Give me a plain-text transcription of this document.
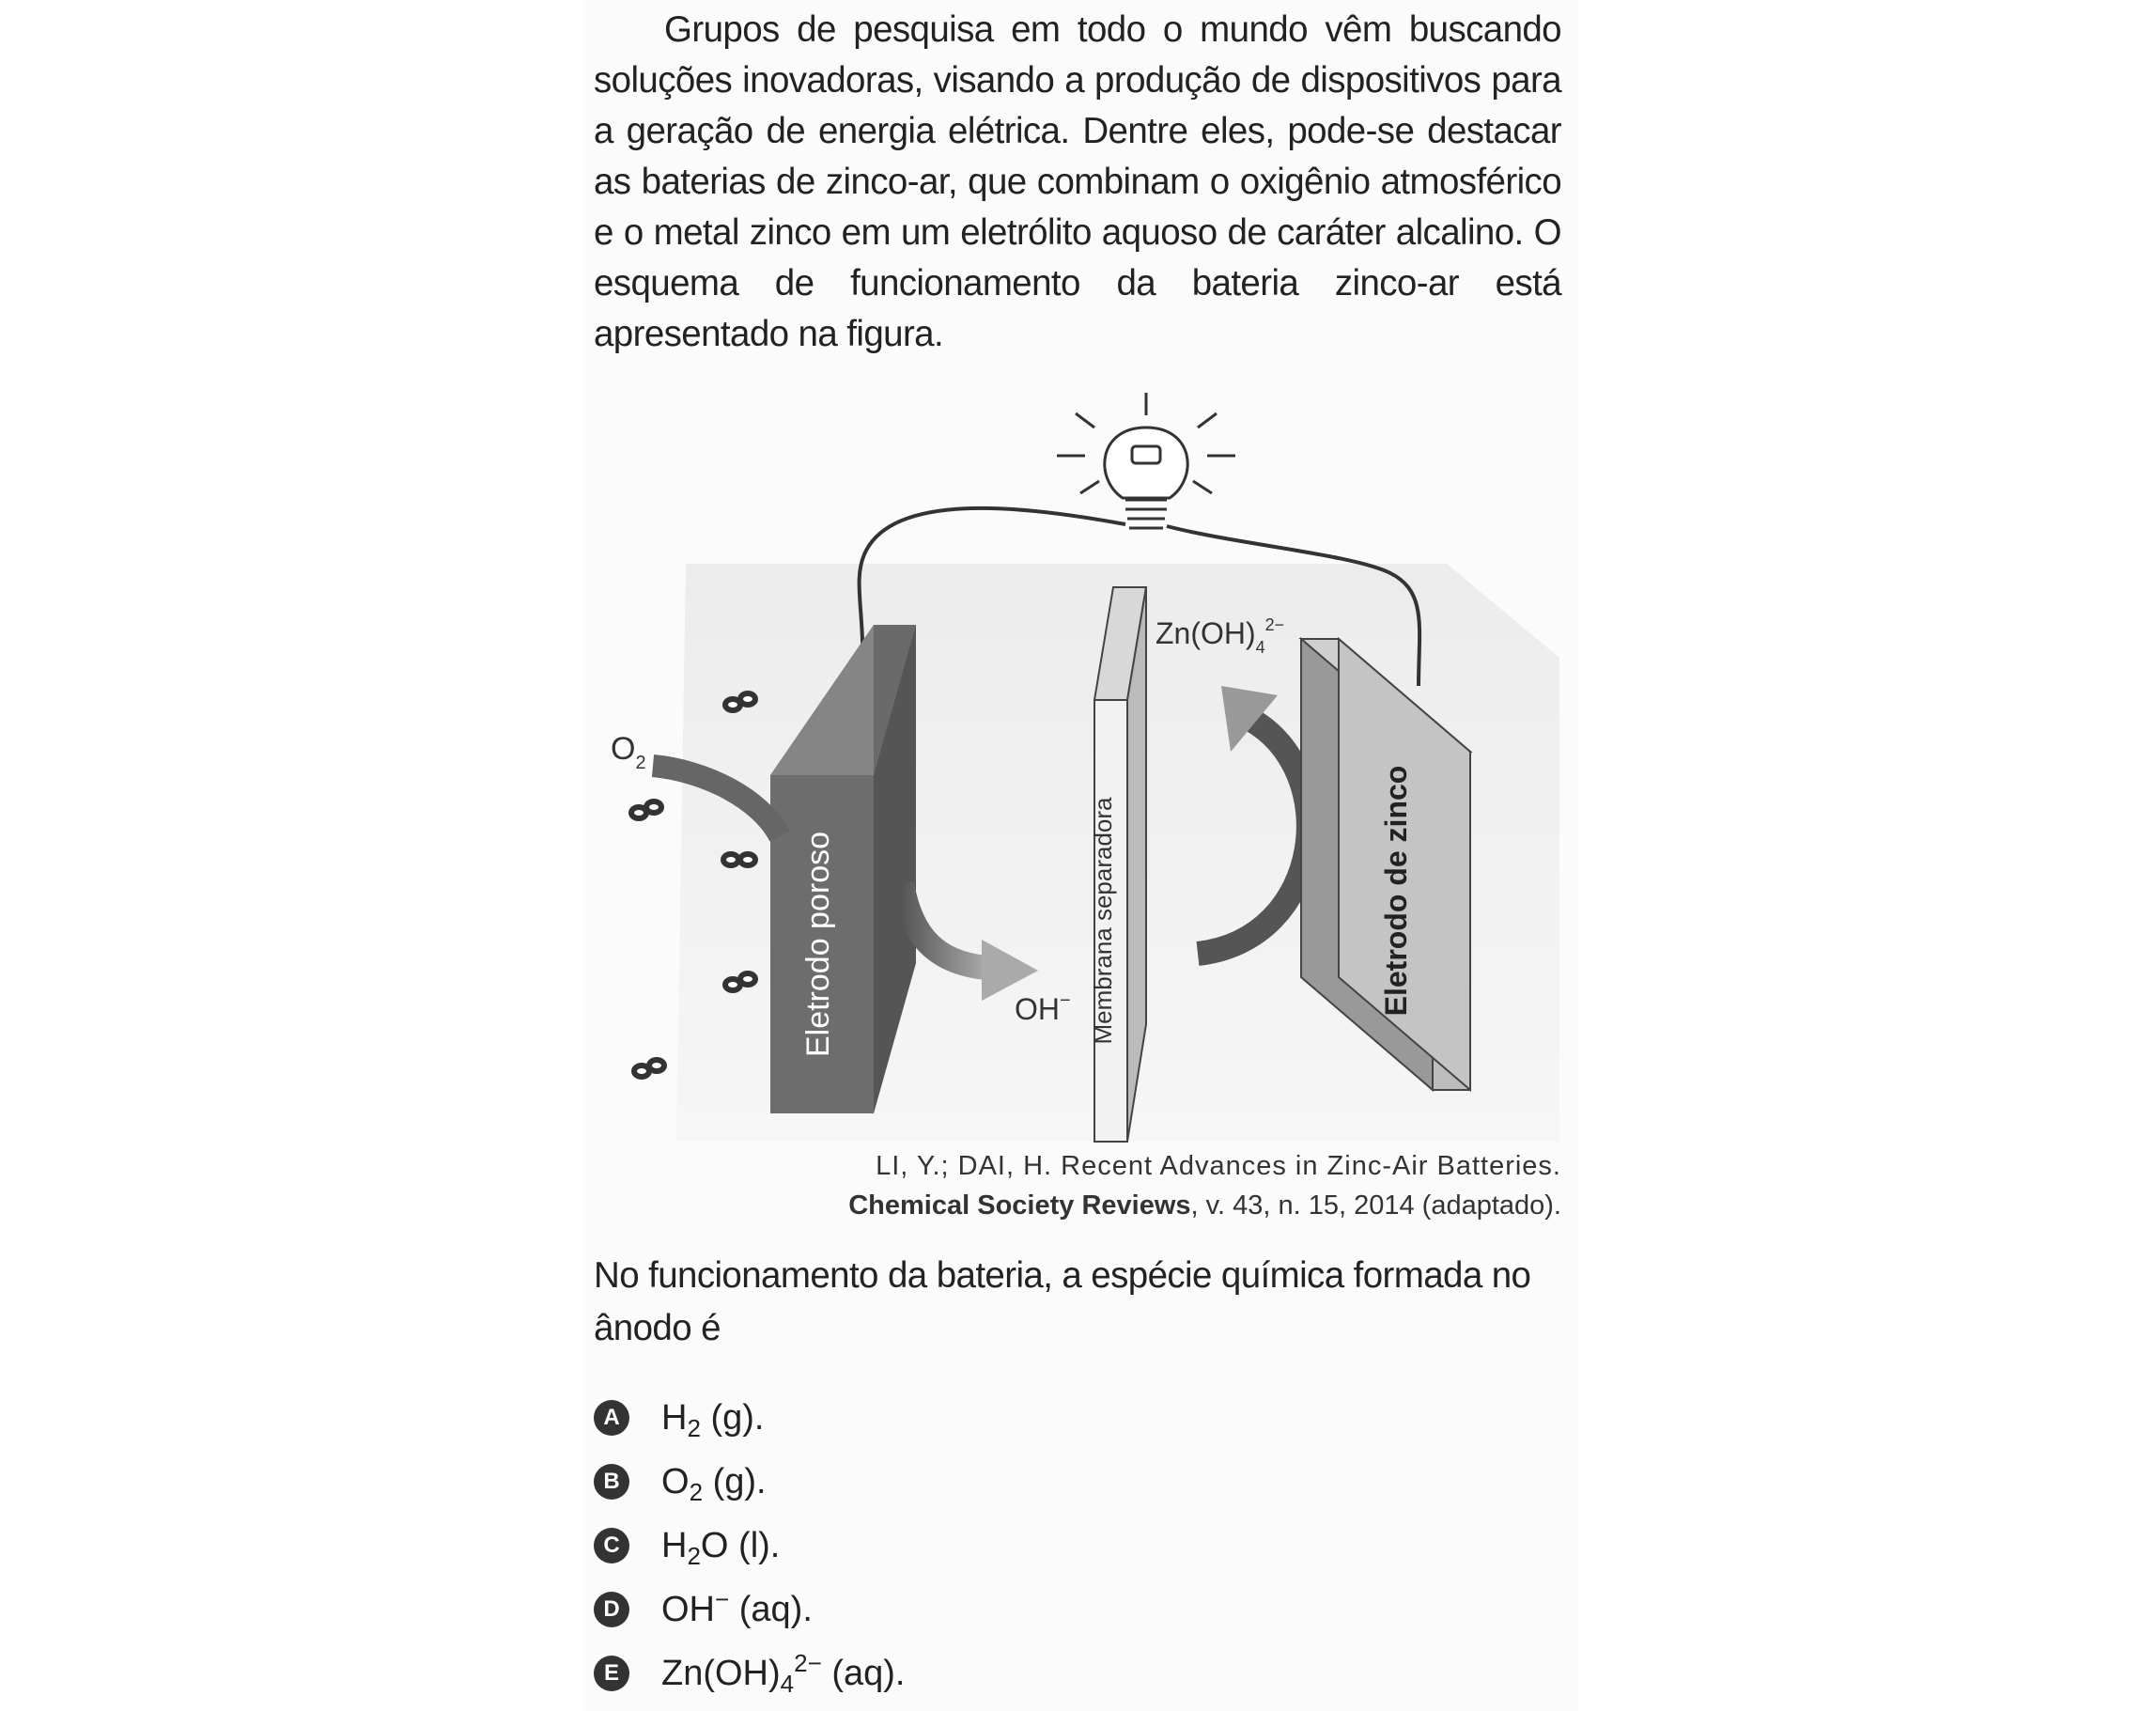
Grupos de pesquisa em todo o mundo vêm buscando soluções inovadoras, visando a produção de dispositivos para a geração de energia elétrica. Dentre eles, pode-se destacar as baterias de zinco-ar, que combinam o oxigênio atmosférico e o metal zinco em um eletrólito aquoso de caráter alcalino. O esquema de funcionamento da bateria zinco-ar está apresentado na figura.

Eletrodo poroso
$O_2$
OH− Membrana separadora
$Zn(OH)_4^{2-}$
Eletrodo de zinco
LI, Y.; DAI, H. Recent Advances in Zinc-Air Batteries.
Chemical Society Reviews, v. 43, n. 15, 2014 (adaptado).
No funcionamento da bateria, a espécie química formada no ânodo é
A $H_2$ (g).
B $O_2$ (g).
C $H_2O$ (l).
D OH− (aq).
E $Zn(OH)_4^{2-}$ (aq).
